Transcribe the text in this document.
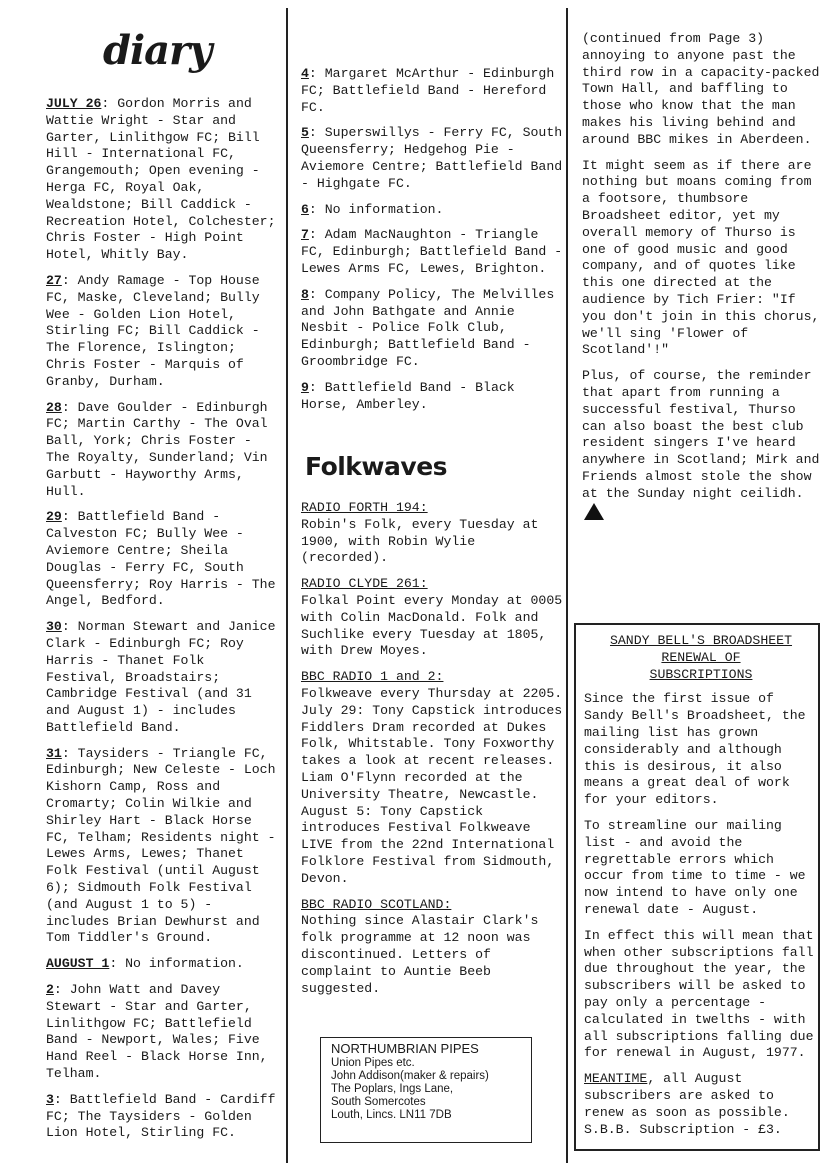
diary

JULY 26: Gordon Morris and Wattie Wright - Star and Garter, Linlithgow FC; Bill Hill - International FC, Grangemouth; Open evening - Herga FC, Royal Oak, Wealdstone; Bill Caddick - Recreation Hotel, Colchester; Chris Foster - High Point Hotel, Whitly Bay.

27: Andy Ramage - Top House FC, Maske, Cleveland; Bully Wee - Golden Lion Hotel, Stirling FC; Bill Caddick - The Florence, Islington; Chris Foster - Marquis of Granby, Durham.

28: Dave Goulder - Edinburgh FC; Martin Carthy - The Oval Ball, York; Chris Foster - The Royalty, Sunderland; Vin Garbutt - Hayworthy Arms, Hull.

29: Battlefield Band - Calveston FC; Bully Wee - Aviemore Centre; Sheila Douglas - Ferry FC, South Queensferry; Roy Harris - The Angel, Bedford.

30: Norman Stewart and Janice Clark - Edinburgh FC; Roy Harris - Thanet Folk Festival, Broadstairs; Cambridge Festival (and 31 and August 1) - includes Battlefield Band.

31: Taysiders - Triangle FC, Edinburgh; New Celeste - Loch Kishorn Camp, Ross and Cromarty; Colin Wilkie and Shirley Hart - Black Horse FC, Telham; Residents night - Lewes Arms, Lewes; Thanet Folk Festival (until August 6); Sidmouth Folk Festival (and August 1 to 5) - includes Brian Dewhurst and Tom Tiddler's Ground.

AUGUST 1: No information.

2: John Watt and Davey Stewart - Star and Garter, Linlithgow FC; Battlefield Band - Newport, Wales; Five Hand Reel - Black Horse Inn, Telham.

3: Battlefield Band - Cardiff FC; The Taysiders - Golden Lion Hotel, Stirling FC.

4: Margaret McArthur - Edinburgh FC; Battlefield Band - Hereford FC.

5: Superswillys - Ferry FC, South Queensferry; Hedgehog Pie - Aviemore Centre; Battlefield Band - Highgate FC.

6: No information.

7: Adam MacNaughton - Triangle FC, Edinburgh; Battlefield Band - Lewes Arms FC, Lewes, Brighton.

8: Company Policy, The Melvilles and John Bathgate and Annie Nesbit - Police Folk Club, Edinburgh; Battlefield Band - Groombridge FC.

9: Battlefield Band - Black Horse, Amberley.

Folkwaves
RADIO FORTH 194:
Robin's Folk, every Tuesday at 1900, with Robin Wylie (recorded).
RADIO CLYDE 261:
Folkal Point every Monday at 0005 with Colin MacDonald. Folk and Suchlike every Tuesday at 1805, with Drew Moyes.
BBC RADIO 1 and 2:
Folkweave every Thursday at 2205. July 29: Tony Capstick introduces Fiddlers Dram recorded at Dukes Folk, Whitstable. Tony Foxworthy takes a look at recent releases. Liam O'Flynn recorded at the University Theatre, Newcastle. August 5: Tony Capstick introduces Festival Folkweave LIVE from the 22nd International Folklore Festival from Sidmouth, Devon.
BBC RADIO SCOTLAND:
Nothing since Alastair Clark's folk programme at 12 noon was discontinued. Letters of complaint to Auntie Beeb suggested.
NORTHUMBRIAN PIPES
Union Pipes etc.
John Addison(maker & repairs)
The Poplars, Ings Lane,
South Somercotes
Louth, Lincs. LN11 7DB
(continued from Page 3)

annoying to anyone past the third row in a capacity-packed Town Hall, and baffling to those who know that the man makes his living behind and around BBC mikes in Aberdeen.

It might seem as if there are nothing but moans coming from a footsore, thumbsore Broadsheet editor, yet my overall memory of Thurso is one of good music and good company, and of quotes like this one directed at the audience by Tich Frier: "If you don't join in this chorus, we'll sing 'Flower of Scotland'!"

Plus, of course, the reminder that apart from running a successful festival, Thurso can also boast the best club resident singers I've heard anywhere in Scotland; Mirk and Friends almost stole the show at the Sunday night ceilidh.

SANDY BELL'S BROADSHEET
RENEWAL OF
SUBSCRIPTIONS

Since the first issue of Sandy Bell's Broadsheet, the mailing list has grown considerably and although this is desirous, it also means a great deal of work for your editors.

To streamline our mailing list - and avoid the regrettable errors which occur from time to time - we now intend to have only one renewal date - August.

In effect this will mean that when other subscriptions fall due throughout the year, the subscribers will be asked to pay only a percentage - calculated in twelths - with all subscriptions falling due for renewal in August, 1977.

MEANTIME, all August subscribers are asked to renew as soon as possible. S.B.B. Subscription - £3.
